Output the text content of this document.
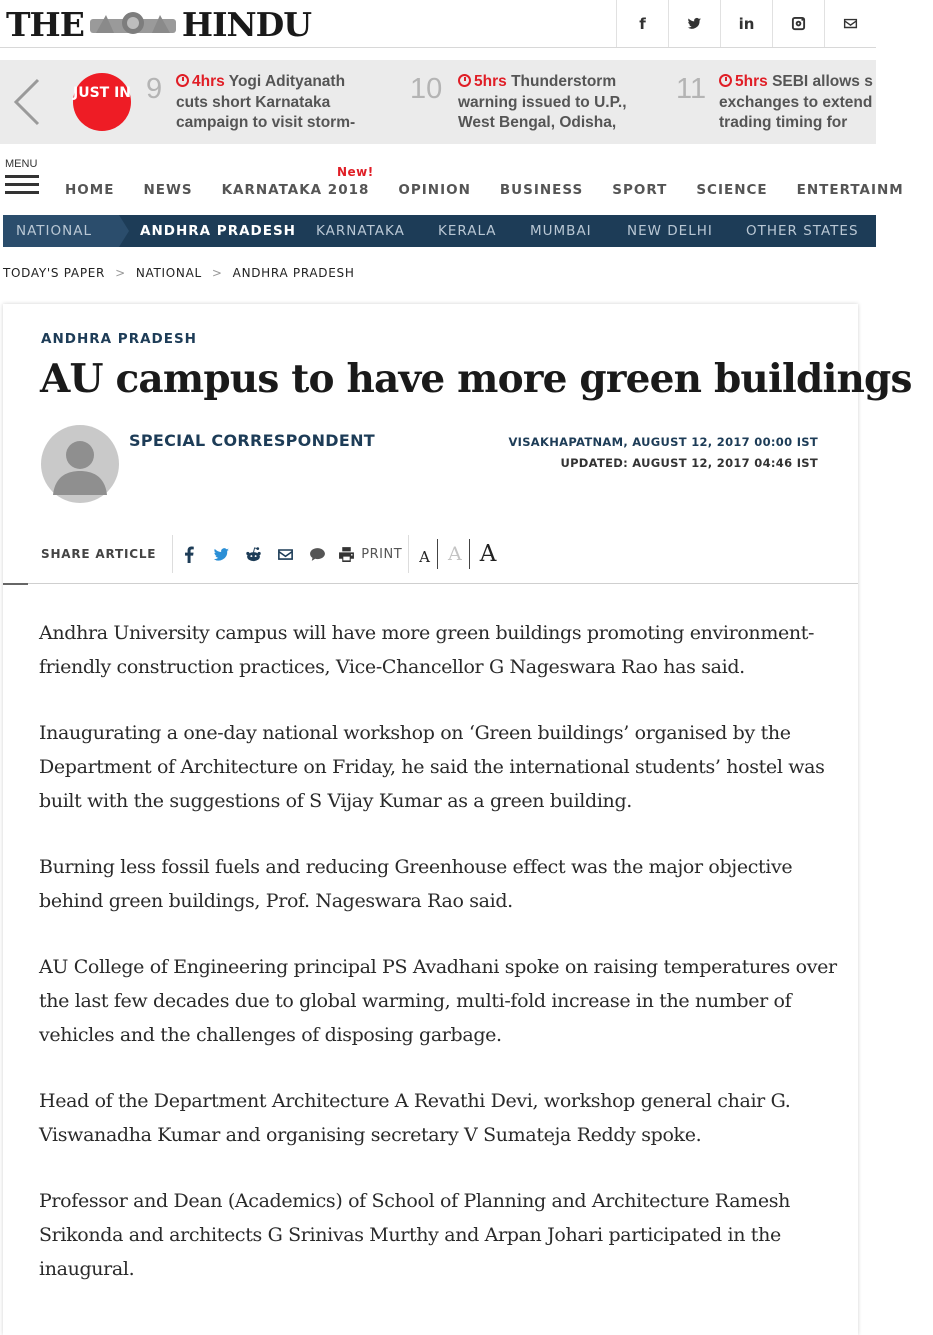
THE	HINDU	f	in
JUST IN 9	4hrs Yogi Adityanath
cuts short Karnataka
campaign to visit storm-
10	5hrs Thunderstorm
warning issued to U.P.,
West Bengal, Odisha,
11	5hrs SEBI allows s
exchanges to extend
trading timing for
MENU
HOME NEWS KARNATAKA 2018 OPINION BUSINESS SPORT SCIENCE ENTERTAINM
New!
NATIONAL	ANDHRA PRADESH KARNATAKA KERALA MUMBAI	NEW DELHI OTHER STATES
TODAY'S PAPER > NATIONAL > ANDHRA PRADESH
ANDHRA PRADESH
AU campus to have more green buildings
SPECIAL CORRESPONDENT	VISAKHAPATNAM, AUGUST 12, 2017 00:00 IST
UPDATED: AUGUST 12, 2017 04:46 IST
SHARE ARTICLE	PRINT A A A

Andhra University campus will have more green buildings promoting environment-friendly construction practices, Vice-Chancellor G Nageswara Rao has said.

Inaugurating a one-day national workshop on ‘Green buildings’ organised by the Department of Architecture on Friday, he said the international students’ hostel was built with the suggestions of S Vijay Kumar as a green building.

Burning less fossil fuels and reducing Greenhouse effect was the major objective behind green buildings, Prof. Nageswara Rao said.

AU College of Engineering principal PS Avadhani spoke on raising temperatures over the last few decades due to global warming, multi-fold increase in the number of vehicles and the challenges of disposing garbage.

Head of the Department Architecture A Revathi Devi, workshop general chair G. Viswanadha Kumar and organising secretary V Sumateja Reddy spoke.

Professor and Dean (Academics) of School of Planning and Architecture Ramesh Srikonda and architects G Srinivas Murthy and Arpan Johari participated in the inaugural.
